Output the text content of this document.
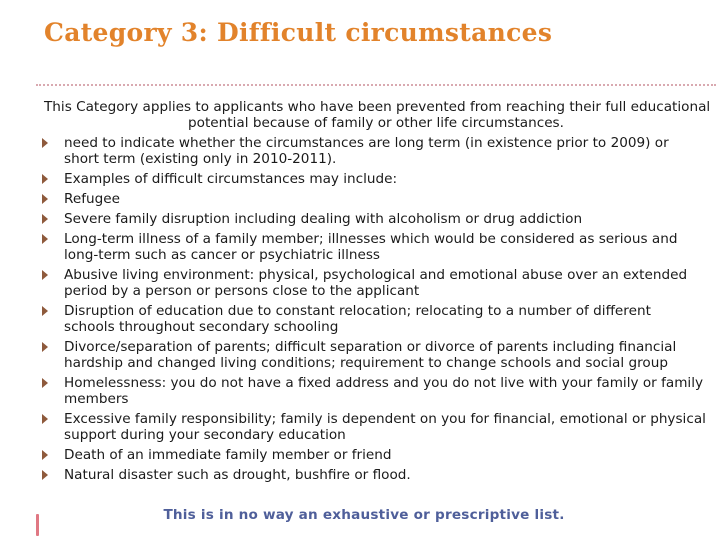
Category 3: Difficult circumstances
This Category applies to applicants who have been prevented from reaching their full educational
potential because of family or other life circumstances.
need to indicate whether the circumstances are long term (in existence prior to 2009) or
short term (existing only in 2010-2011).
Examples of difficult circumstances may include:
Refugee
Severe family disruption including dealing with alcoholism or drug addiction
Long-term illness of a family member; illnesses which would be considered as serious and
long-term such as cancer or psychiatric illness
Abusive living environment: physical, psychological and emotional abuse over an extended
period by a person or persons close to the applicant
Disruption of education due to constant relocation; relocating to a number of different
schools throughout secondary schooling
Divorce/separation of parents; difficult separation or divorce of parents including financial
hardship and changed living conditions; requirement to change schools and social group
Homelessness: you do not have a fixed address and you do not live with your family or family
members
Excessive family responsibility; family is dependent on you for financial, emotional or physical
support during your secondary education
Death of an immediate family member or friend
Natural disaster such as drought, bushfire or flood.
This is in no way an exhaustive or prescriptive list.
